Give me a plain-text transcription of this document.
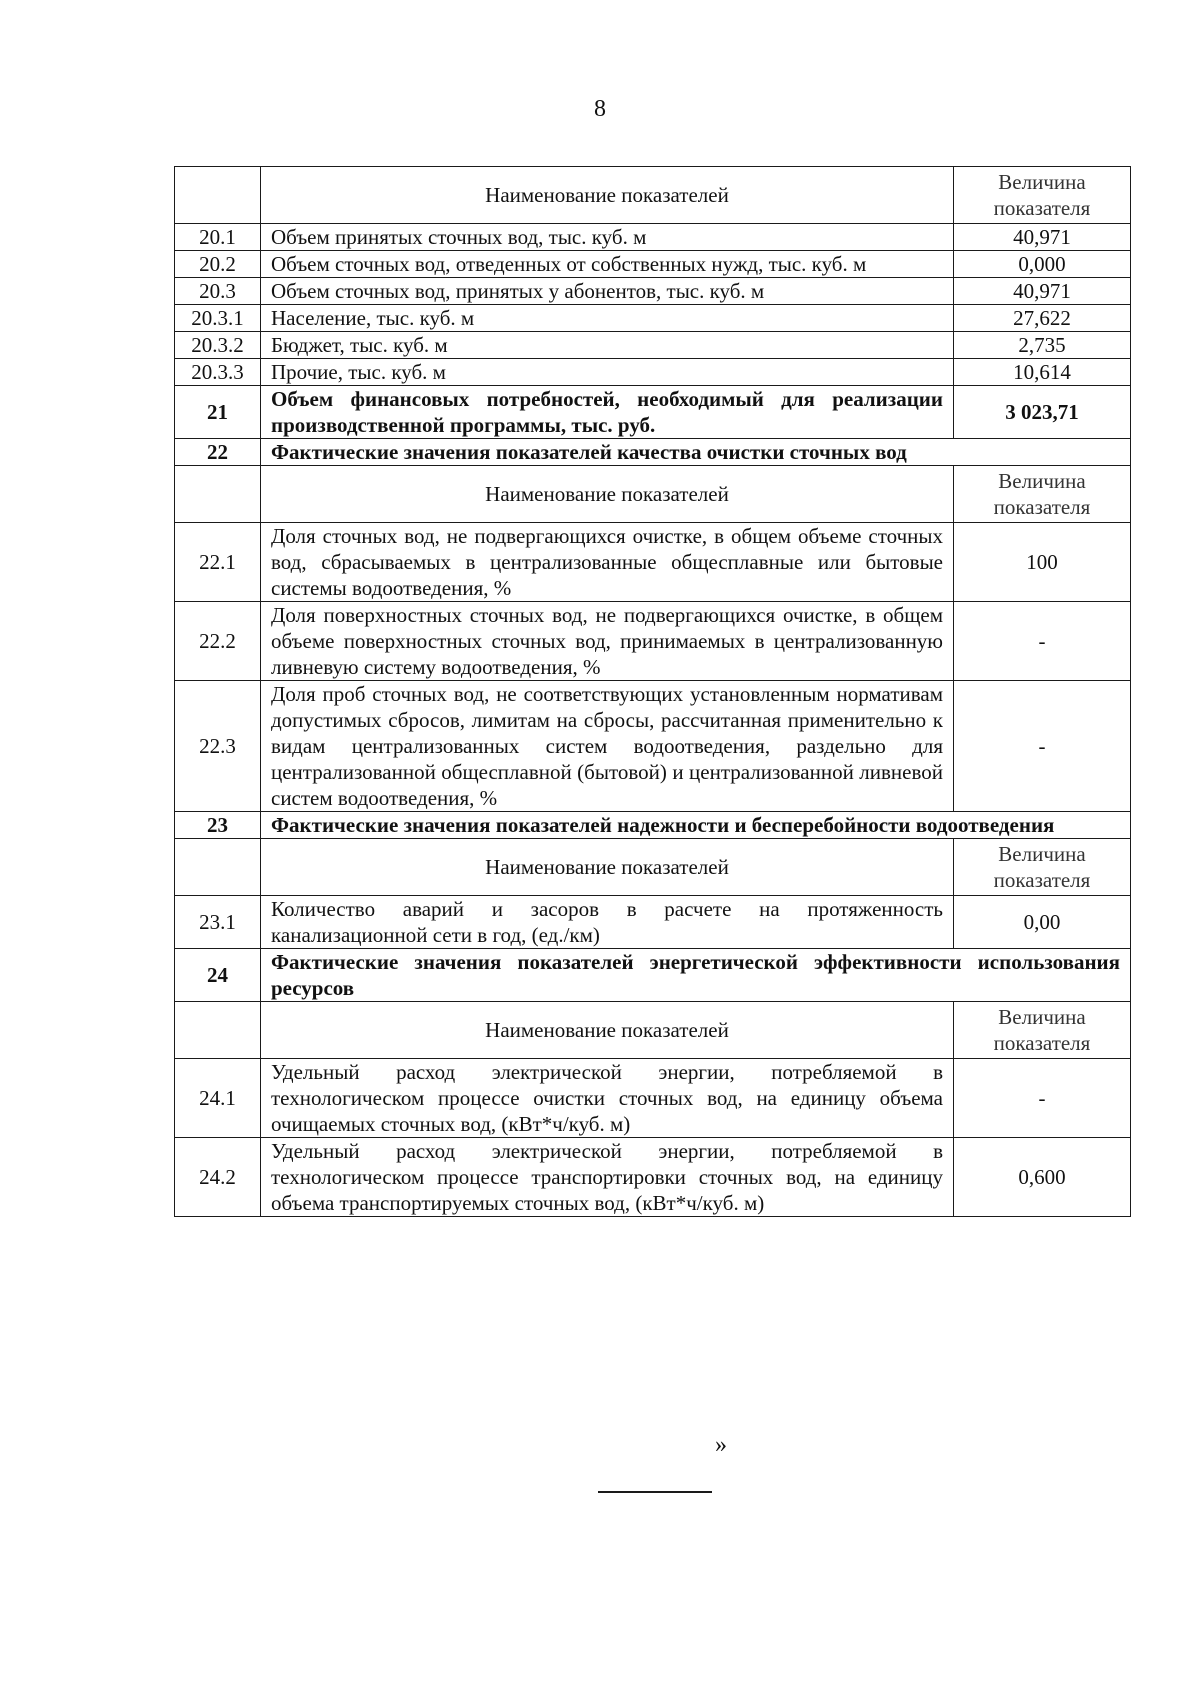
8
	Наименование показателей	Величина показателя
20.1	Объем принятых сточных вод, тыс. куб. м	40,971
20.2	Объем сточных вод, отведенных от собственных нужд, тыс. куб. м	0,000
20.3	Объем сточных вод, принятых у абонентов, тыс. куб. м	40,971
20.3.1	Население, тыс. куб. м	27,622
20.3.2	Бюджет, тыс. куб. м	2,735
20.3.3	Прочие, тыс. куб. м	10,614
21	Объем финансовых потребностей, необходимый для реализации производственной программы, тыс. руб.	3 023,71
22	Фактические значения показателей качества очистки сточных вод	
	Наименование показателей	Величина показателя
22.1	Доля сточных вод, не подвергающихся очистке, в общем объеме сточных вод, сбрасываемых в централизованные общесплавные или бытовые системы водоотведения, %	100
22.2	Доля поверхностных сточных вод, не подвергающихся очистке, в общем объеме поверхностных сточных вод, принимаемых в централизованную ливневую систему водоотведения, %	-
22.3	Доля проб сточных вод, не соответствующих установленным нормативам допустимых сбросов, лимитам на сбросы, рассчитанная применительно к видам централизованных систем водоотведения, раздельно для централизованной общесплавной (бытовой) и централизованной ливневой систем водоотведения, %	-
23	Фактические значения показателей надежности и бесперебойности водоотведения	
	Наименование показателей	Величина показателя
23.1	Количество аварий и засоров в расчете на протяженность канализационной сети в год, (ед./км)	0,00
24	Фактические значения показателей энергетической эффективности использования ресурсов	
	Наименование показателей	Величина показателя
24.1	Удельный расход электрической энергии, потребляемой в технологическом процессе очистки сточных вод, на единицу объема очищаемых сточных вод, (кВт*ч/куб. м)	-
24.2	Удельный расход электрической энергии, потребляемой в технологическом процессе транспортировки сточных вод, на единицу объема транспортируемых сточных вод, (кВт*ч/куб. м)	0,600
»
